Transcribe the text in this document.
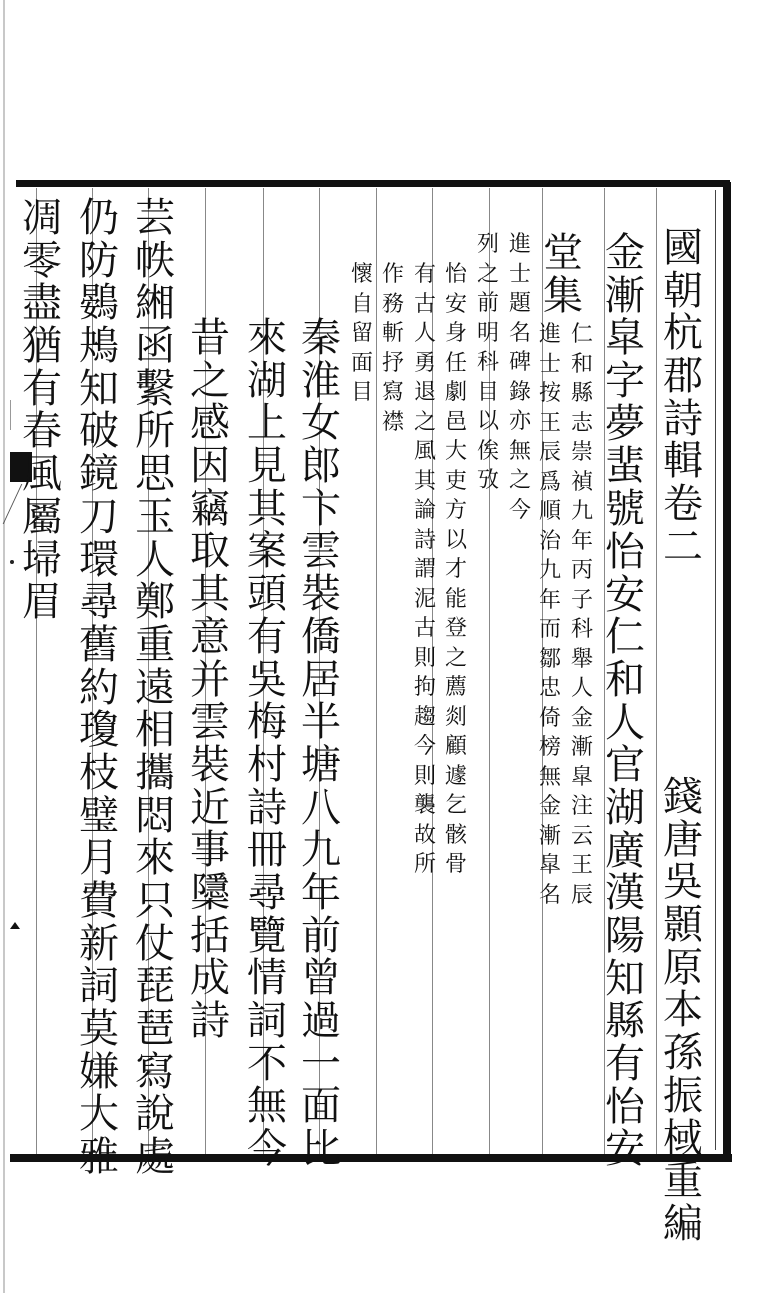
國
朝
杭
郡
詩
輯
卷
二
錢
唐
吳
顥
原
本
孫
振
棫
重
編
金
漸
皐
字
夢
蜚
號
怡
安
仁
和
人
官
湖
廣
漢
陽
知
縣
有
怡
安
堂
集
仁
和
縣
志
崇
禎
九
年
丙
子
科
舉
人
金
漸
皐
注
云
王
辰
進
士
按
王
辰
爲
順
治
九
年
而
鄒
忠
倚
榜
無
金
漸
皐
名
進
士
題
名
碑
錄
亦
無
之
今
列
之
前
明
科
目
以
俟
攷
怡
安
身
任
劇
邑
大
吏
方
以
才
能
登
之
薦
剡
顧
遽
乞
骸
骨
有
古
人
勇
退
之
風
其
論
詩
謂
泥
古
則
拘
趨
今
則
襲
故
所
作
務
斬
抒
寫
襟
懷
自
留
面
目
秦
淮
女
郎
卞
雲
裝
僑
居
半
塘
八
九
年
前
曾
過
一
面
比
來
湖
上
見
其
案
頭
有
吳
梅
村
詩
冊
尋
覽
情
詞
不
無
今
昔
之
感
因
竊
取
其
意
并
雲
裝
近
事
櫽
括
成
詩
芸
帙
緗
函
繫
所
思
玉
人
鄭
重
遠
相
攜
悶
來
只
仗
琵
琶
寫
說
處
仍
防
鷃
鴂
知
破
鏡
刀
環
尋
舊
約
瓊
枝
璧
月
費
新
詞
莫
嫌
大
雅
凋
零
盡
猶
有
春
風
屬
埽
眉
